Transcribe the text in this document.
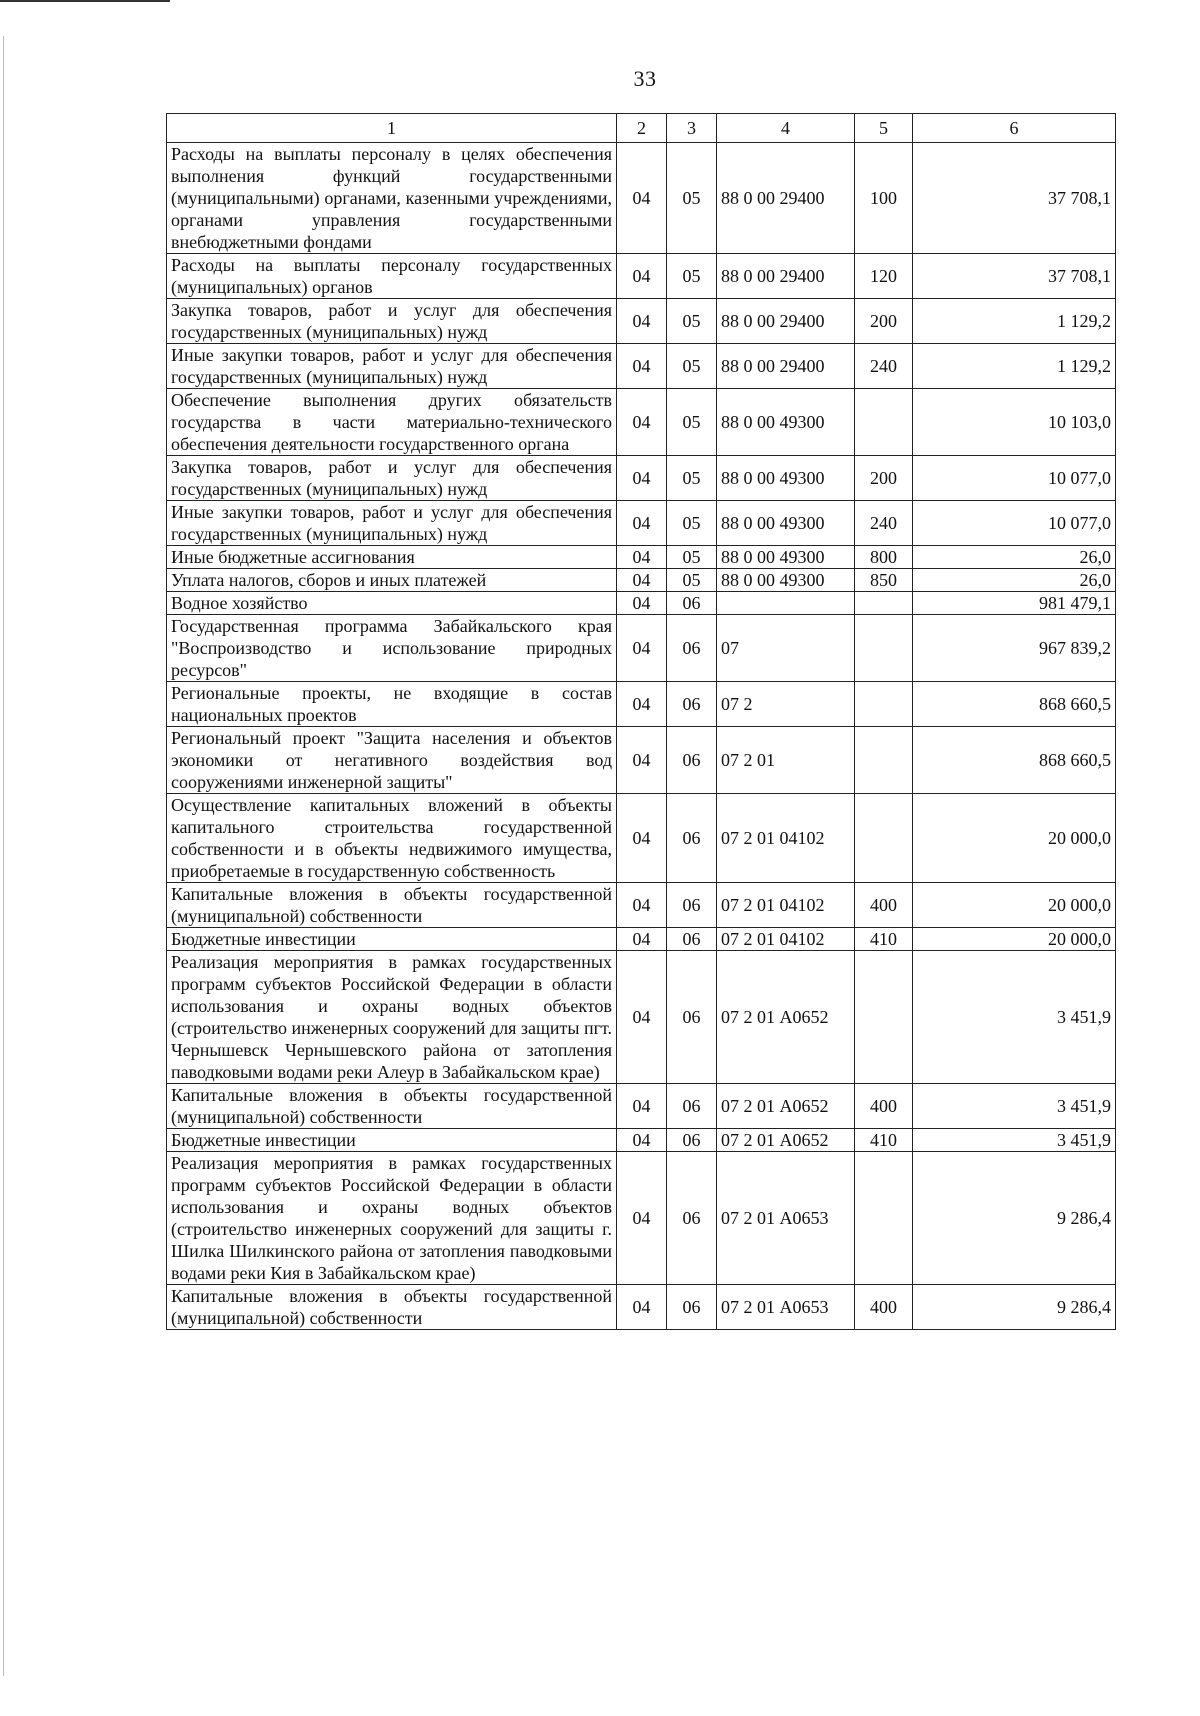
33
1	2	3	4	5	6
Расходы на выплаты персоналу в целях обеспечения выполнения функций государственными (муниципальными) органами, казенными учреждениями, органами управления государственными внебюджетными фондами	04	05	88 0 00 29400	100	37 708,1
Расходы на выплаты персоналу государственных (муниципальных) органов	04	05	88 0 00 29400	120	37 708,1
Закупка товаров, работ и услуг для обеспечения государственных (муниципальных) нужд	04	05	88 0 00 29400	200	1 129,2
Иные закупки товаров, работ и услуг для обеспечения государственных (муниципальных) нужд	04	05	88 0 00 29400	240	1 129,2
Обеспечение выполнения других обязательств государства в части материально-технического обеспечения деятельности государственного органа	04	05	88 0 00 49300		10 103,0
Закупка товаров, работ и услуг для обеспечения государственных (муниципальных) нужд	04	05	88 0 00 49300	200	10 077,0
Иные закупки товаров, работ и услуг для обеспечения государственных (муниципальных) нужд	04	05	88 0 00 49300	240	10 077,0
Иные бюджетные ассигнования	04	05	88 0 00 49300	800	26,0
Уплата налогов, сборов и иных платежей	04	05	88 0 00 49300	850	26,0
Водное хозяйство	04	06			981 479,1
Государственная программа Забайкальского края "Воспроизводство и использование природных ресурсов"	04	06	07		967 839,2
Региональные проекты, не входящие в состав национальных проектов	04	06	07 2		868 660,5
Региональный проект "Защита населения и объектов экономики от негативного воздействия вод сооружениями инженерной защиты"	04	06	07 2 01		868 660,5
Осуществление капитальных вложений в объекты капитального строительства государственной собственности и в объекты недвижимого имущества, приобретаемые в государственную собственность	04	06	07 2 01 04102		20 000,0
Капитальные вложения в объекты государственной (муниципальной) собственности	04	06	07 2 01 04102	400	20 000,0
Бюджетные инвестиции	04	06	07 2 01 04102	410	20 000,0
Реализация мероприятия в рамках государственных программ субъектов Российской Федерации в области использования и охраны водных объектов (строительство инженерных сооружений для защиты пгт. Чернышевск Чернышевского района от затопления паводковыми водами реки Алеур в Забайкальском крае)	04	06	07 2 01 А0652		3 451,9
Капитальные вложения в объекты государственной (муниципальной) собственности	04	06	07 2 01 А0652	400	3 451,9
Бюджетные инвестиции	04	06	07 2 01 А0652	410	3 451,9
Реализация мероприятия в рамках государственных программ субъектов Российской Федерации в области использования и охраны водных объектов (строительство инженерных сооружений для защиты г. Шилка Шилкинского района от затопления паводковыми водами реки Кия в Забайкальском крае)	04	06	07 2 01 А0653		9 286,4
Капитальные вложения в объекты государственной (муниципальной) собственности	04	06	07 2 01 А0653	400	9 286,4
